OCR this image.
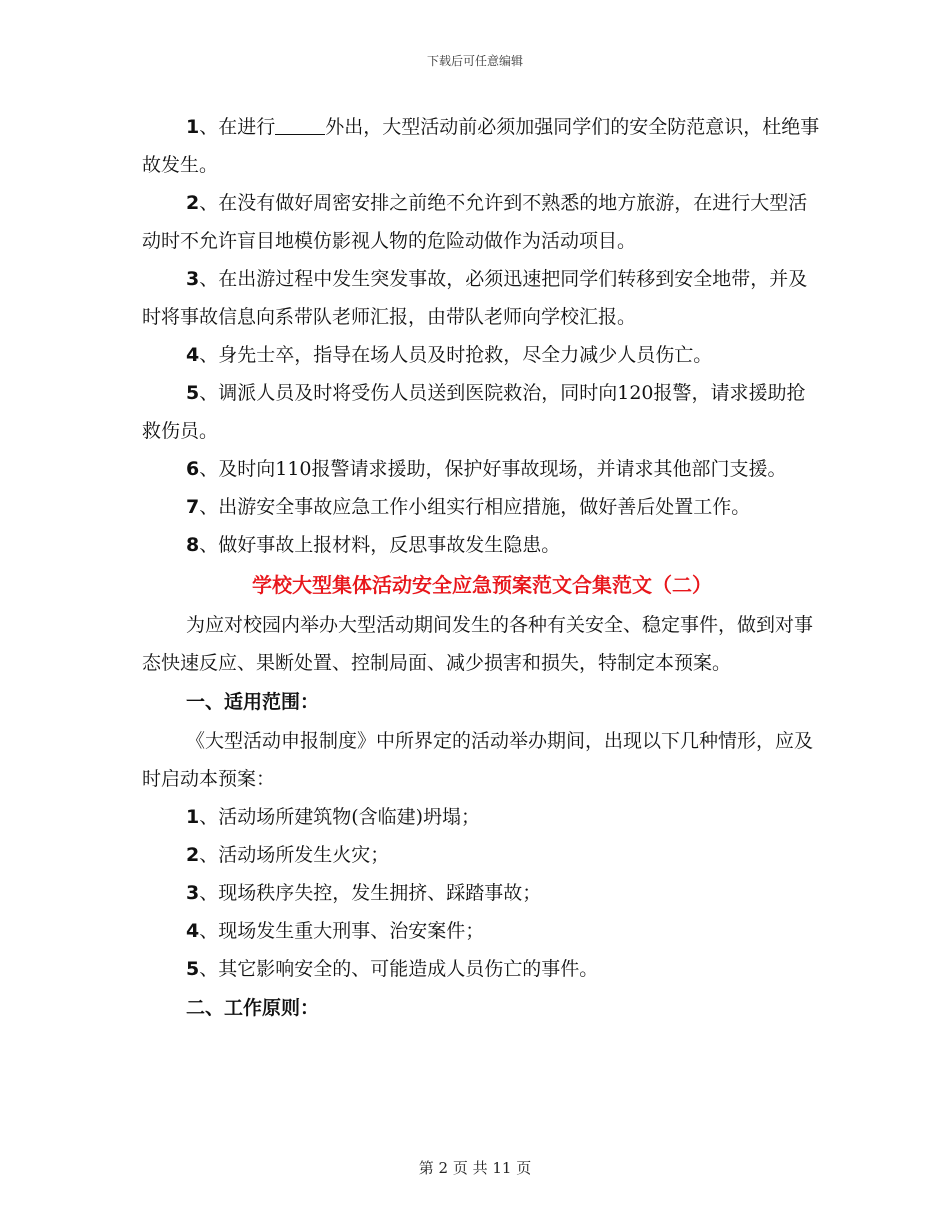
下载后可任意编辑

1、在进行	外出，大型活动前必须加强同学们的安全防范意识，杜绝事故发生。

2、在没有做好周密安排之前绝不允许到不熟悉的地方旅游，在进行大型活动时不允许盲目地模仿影视人物的危险动做作为活动项目。

3、在出游过程中发生突发事故，必须迅速把同学们转移到安全地带，并及时将事故信息向系带队老师汇报，由带队老师向学校汇报。

4、身先士卒，指导在场人员及时抢救，尽全力减少人员伤亡。

5、调派人员及时将受伤人员送到医院救治，同时向120报警，请求援助抢救伤员。

6、及时向110报警请求援助，保护好事故现场，并请求其他部门支援。

7、出游安全事故应急工作小组实行相应措施，做好善后处置工作。

8、做好事故上报材料，反思事故发生隐患。

学校大型集体活动安全应急预案范文合集范文（二）

为应对校园内举办大型活动期间发生的各种有关安全、稳定事件，做到对事态快速反应、果断处置、控制局面、减少损害和损失，特制定本预案。

一、适用范围：

《大型活动申报制度》中所界定的活动举办期间，出现以下几种情形，应及时启动本预案：

1、活动场所建筑物(含临建)坍塌；

2、活动场所发生火灾；

3、现场秩序失控，发生拥挤、踩踏事故；

4、现场发生重大刑事、治安案件；

5、其它影响安全的、可能造成人员伤亡的事件。

二、工作原则：

第 2 页 共 11 页
